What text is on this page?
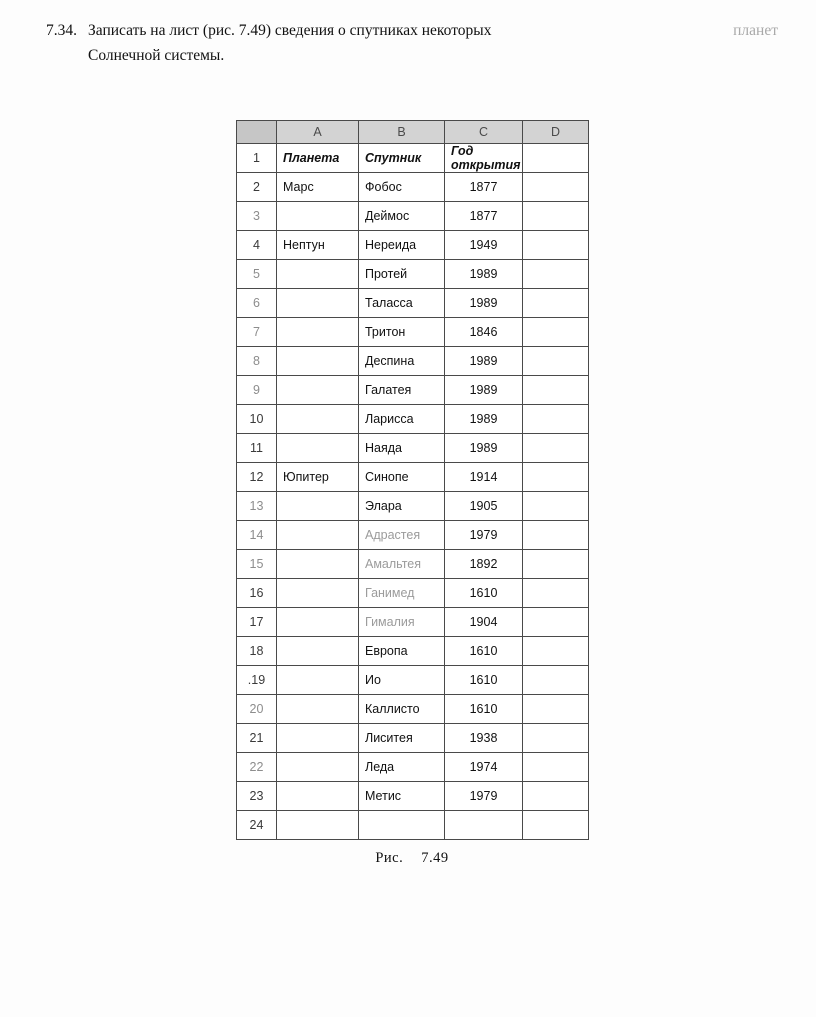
7.34. Записать на лист (рис. 7.49) сведения о спутниках некоторых	планет
Солнечной системы.
	A	B	C	D
1	Планета	Спутник	Год открытия	
2	Марс	Фобос	1877	
3		Деймос	1877	
4	Нептун	Нереида	1949	
5		Протей	1989	
6		Таласса	1989	
7		Тритон	1846	
8		Деспина	1989	
9		Галатея	1989	
10		Ларисса	1989	
11		Наяда	1989	
12	Юпитер	Синопе	1914	
13		Элара	1905	
14		Адрастея	1979	
15		Амальтея	1892	
16		Ганимед	1610	
17		Гималия	1904	
18		Европа	1610	
.19		Ио	1610	
20		Каллисто	1610	
21		Лиситея	1938	
22		Леда	1974	
23		Метис	1979	
24				
Рис. 7.49
